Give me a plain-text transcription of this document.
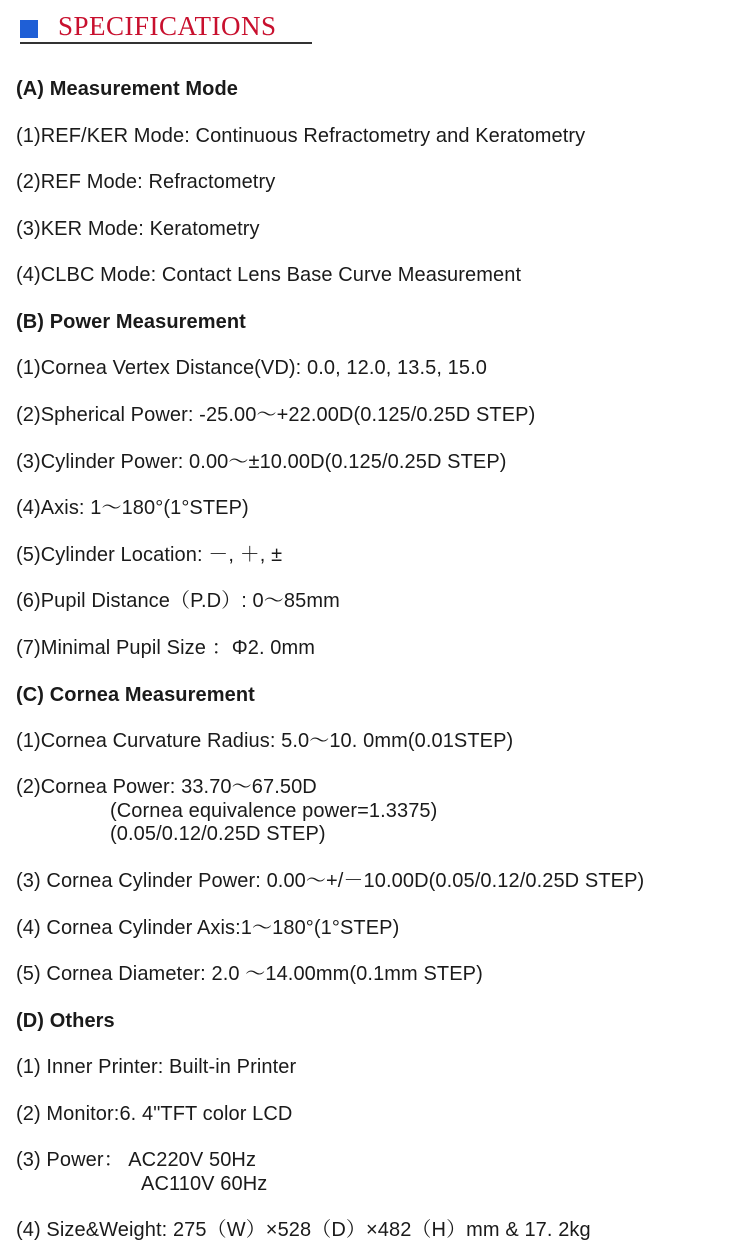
SPECIFICATIONS
(A) Measurement Mode
(1)REF/KER Mode: Continuous Refractometry and Keratometry
(2)REF Mode: Refractometry
(3)KER Mode: Keratometry
(4)CLBC Mode: Contact Lens Base Curve Measurement
(B) Power Measurement
(1)Cornea Vertex Distance(VD): 0.0, 12.0, 13.5, 15.0
(2)Spherical Power: -25.00～+22.00D(0.125/0.25D STEP)
(3)Cylinder Power: 0.00～±10.00D(0.125/0.25D STEP)
(4)Axis: 1～180°(1°STEP)
(5)Cylinder Location: －, ＋, ±
(6)Pupil Distance（P.D）: 0～85mm
(7)Minimal Pupil Size ：Φ2. 0mm
(C) Cornea Measurement
(1)Cornea Curvature Radius: 5.0～10. 0mm(0.01STEP)
(2)Cornea Power: 33.70～67.50D
(Cornea equivalence power=1.3375)
(0.05/0.12/0.25D STEP)
(3) Cornea Cylinder Power: 0.00～+/－10.00D(0.05/0.12/0.25D STEP)
(4) Cornea Cylinder Axis:1～180°(1°STEP)
(5) Cornea Diameter: 2.0 ～14.00mm(0.1mm STEP)
(D) Others
(1) Inner Printer: Built-in Printer
(2) Monitor:6. 4"TFT color LCD
(3) Power： AC220V 50Hz
AC110V 60Hz
(4) Size&Weight: 275（W）×528（D）×482（H）mm & 17. 2kg
